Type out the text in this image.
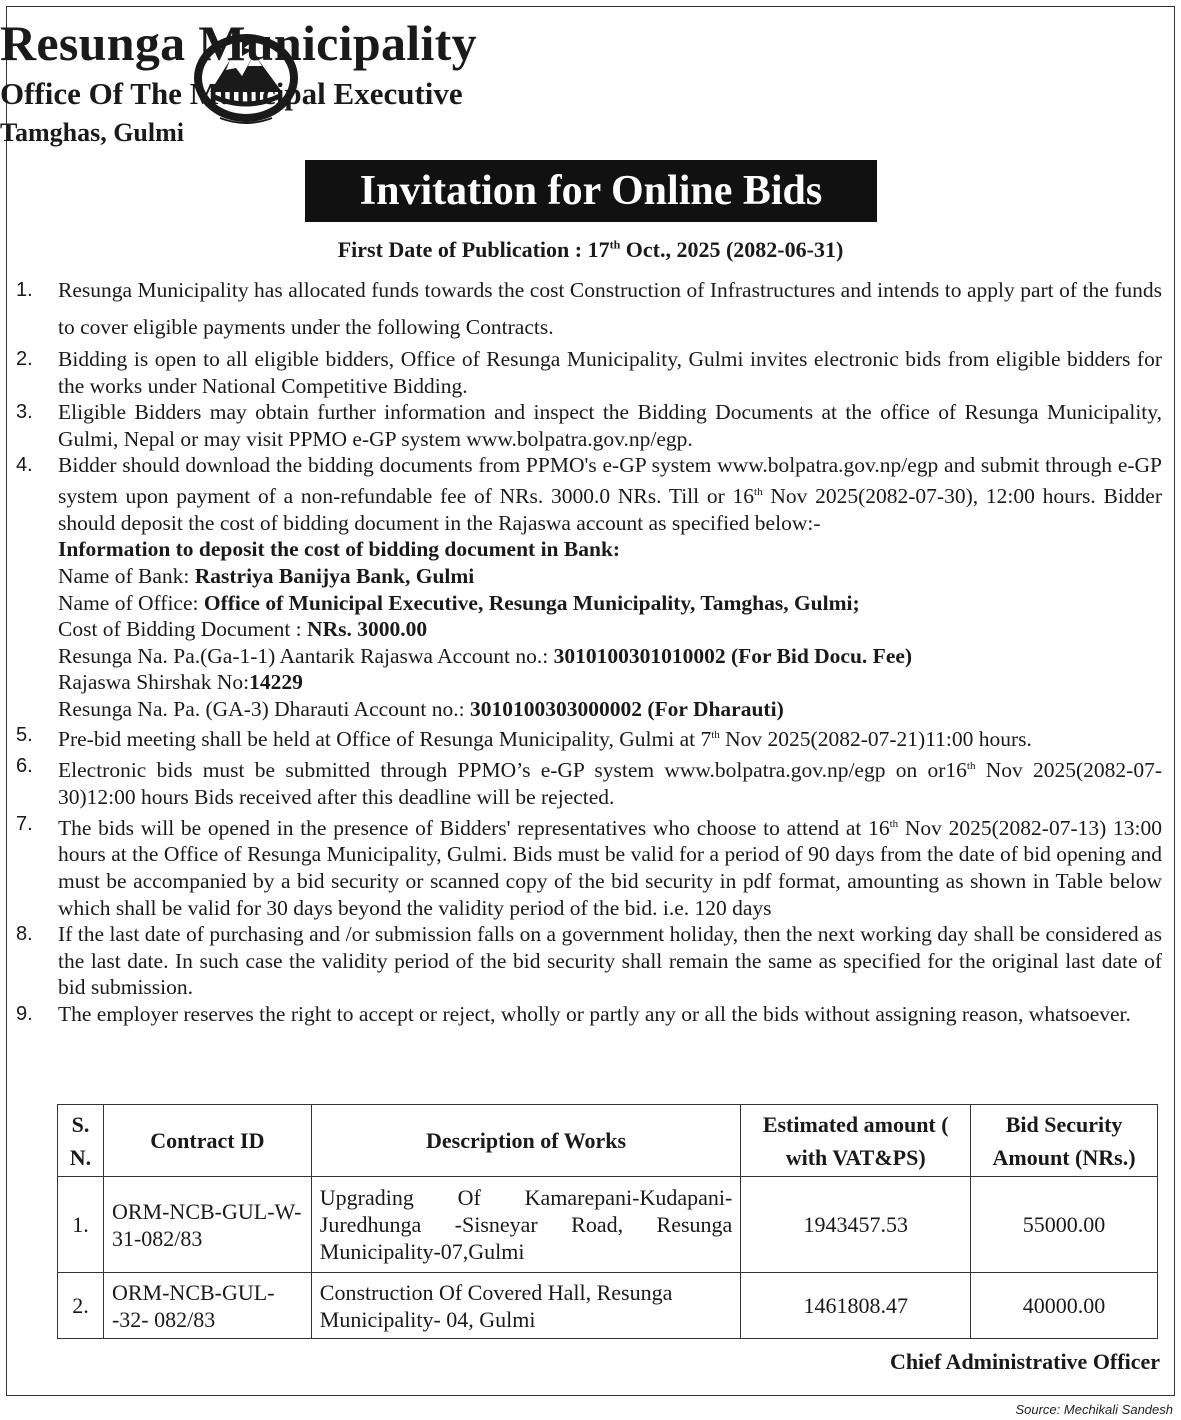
Resunga Municipality
Office Of The Municipal Executive
Tamghas, Gulmi
Invitation for Online Bids
First Date of Publication : 17th Oct., 2025 (2082-06-31)
1.	Resunga Municipality has allocated funds towards the cost Construction of Infrastructures and intends to apply part of the funds to cover eligible payments under the following Contracts.
2.	Bidding is open to all eligible bidders, Office of Resunga Municipality, Gulmi invites electronic bids from eligible bidders for the works under National Competitive Bidding.
3.	Eligible Bidders may obtain further information and inspect the Bidding Documents at the office of Resunga Municipality, Gulmi, Nepal or may visit PPMO e-GP system www.bolpatra.gov.np/egp.
4.	Bidder should download the bidding documents from PPMO's e-GP system www.bolpatra.gov.np/egp and submit through e-GP system upon payment of a non-refundable fee of NRs. 3000.0 NRs. Till or 16th Nov 2025(2082-07-30), 12:00 hours. Bidder should deposit the cost of bidding document in the Rajaswa account as specified below:-
Information to deposit the cost of bidding document in Bank:
Name of Bank: Rastriya Banijya Bank, Gulmi
Name of Office: Office of Municipal Executive, Resunga Municipality, Tamghas, Gulmi;
Cost of Bidding Document : NRs. 3000.00
Resunga Na. Pa.(Ga-1-1) Aantarik Rajaswa Account no.: 3010100301010002 (For Bid Docu. Fee)
Rajaswa Shirshak No:14229
Resunga Na. Pa. (GA-3) Dharauti Account no.: 3010100303000002 (For Dharauti)
5.	Pre-bid meeting shall be held at Office of Resunga Municipality, Gulmi at 7th Nov 2025(2082-07-21)11:00 hours.
6.	Electronic bids must be submitted through PPMO’s e-GP system www.bolpatra.gov.np/egp on or16th Nov 2025(2082-07-30)12:00 hours Bids received after this deadline will be rejected.
7.	The bids will be opened in the presence of Bidders' representatives who choose to attend at 16th Nov 2025(2082-07-13) 13:00 hours at the Office of Resunga Municipality, Gulmi. Bids must be valid for a period of 90 days from the date of bid opening and must be accompanied by a bid security or scanned copy of the bid security in pdf format, amounting as shown in Table below which shall be valid for 30 days beyond the validity period of the bid. i.e. 120 days
8.	If the last date of purchasing and /or submission falls on a government holiday, then the next working day shall be considered as the last date. In such case the validity period of the bid security shall remain the same as specified for the original last date of bid submission.
9.	The employer reserves the right to accept or reject, wholly or partly any or all the bids without assigning reason, whatsoever.
S. N.	Contract ID	Description of Works	Estimated amount ( with VAT&PS)	Bid Security Amount (NRs.)
1.	ORM-NCB-GUL-W-31-082/83	Upgrading Of Kamarepani-Kudapani-Juredhunga -Sisneyar Road, Resunga Municipality-07,Gulmi	1943457.53	55000.00
2.	ORM-NCB-GUL--32- 082/83	Construction Of Covered Hall, Resunga Municipality- 04, Gulmi	1461808.47	40000.00
Chief Administrative Officer
Source: Mechikali Sandesh
